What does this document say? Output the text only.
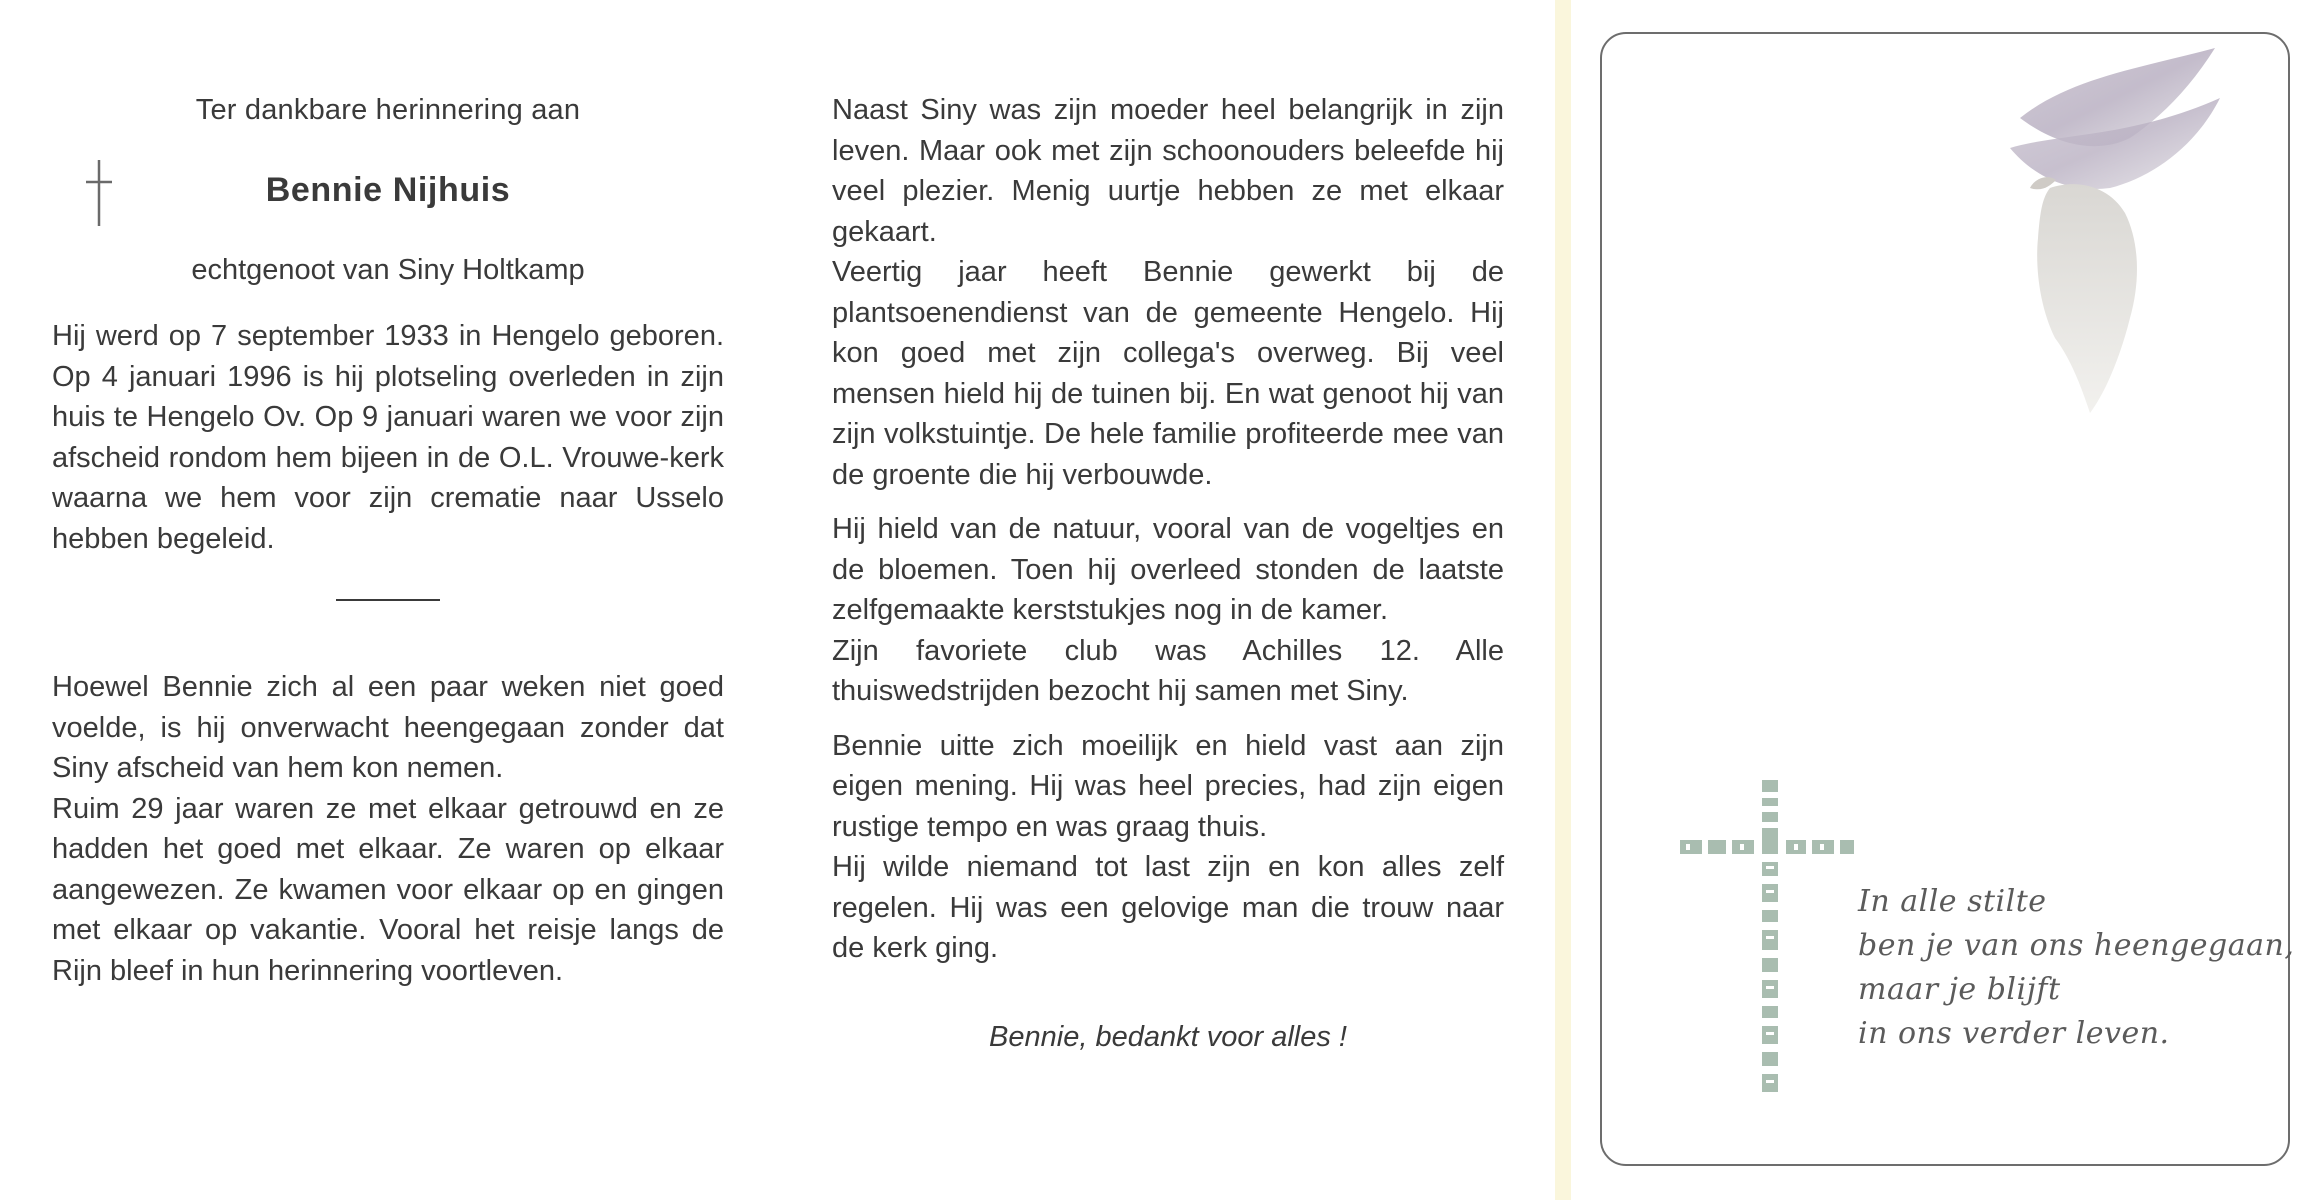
Ter dankbare herinnering aan
Bennie Nijhuis
echtgenoot van Siny Holtkamp

Hij werd op 7 september 1933 in Hengelo geboren. Op 4 januari 1996 is hij plotseling overleden in zijn huis te Hengelo Ov. Op 9 januari waren we voor zijn afscheid rondom hem bijeen in de O.L. Vrouwe-kerk waarna we hem voor zijn crematie naar Usselo hebben begeleid.

Hoewel Bennie zich al een paar weken niet goed voelde, is hij onverwacht heengegaan zonder dat Siny afscheid van hem kon nemen.

Ruim 29 jaar waren ze met elkaar getrouwd en ze hadden het goed met elkaar. Ze waren op elkaar aangewezen. Ze kwamen voor elkaar op en gingen met elkaar op vakantie. Vooral het reisje langs de Rijn bleef in hun herinnering voortleven.

Naast Siny was zijn moeder heel belangrijk in zijn leven. Maar ook met zijn schoonouders beleefde hij veel plezier. Menig uurtje hebben ze met elkaar gekaart.

Veertig jaar heeft Bennie gewerkt bij de plantsoenendienst van de gemeente Hengelo. Hij kon goed met zijn collega's overweg. Bij veel mensen hield hij de tuinen bij. En wat genoot hij van zijn volkstuintje. De hele familie profiteerde mee van de groente die hij verbouwde.

Hij hield van de natuur, vooral van de vogeltjes en de bloemen. Toen hij overleed stonden de laatste zelfgemaakte kerststukjes nog in de kamer.

Zijn favoriete club was Achilles 12. Alle thuiswedstrijden bezocht hij samen met Siny.

Bennie uitte zich moeilijk en hield vast aan zijn eigen mening. Hij was heel precies, had zijn eigen rustige tempo en was graag thuis.

Hij wilde niemand tot last zijn en kon alles zelf regelen. Hij was een gelovige man die trouw naar de kerk ging.

Bennie, bedankt voor alles !
In alle stilte
ben je van ons heengegaan,
maar je blijft
in ons verder leven.
